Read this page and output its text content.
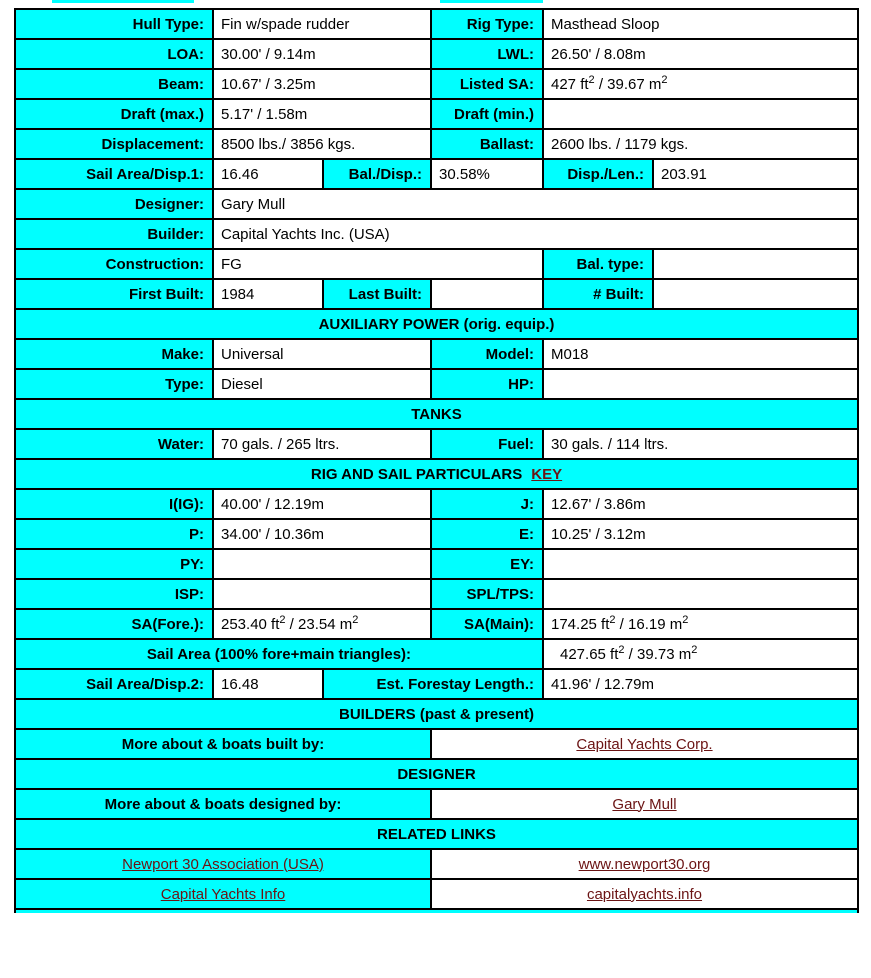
Hull Type:	Fin w/spade rudder		Rig Type:	Masthead Sloop	
LOA:	30.00' / 9.14m		LWL:	26.50' / 8.08m	
Beam:	10.67' / 3.25m		Listed SA:	427 $ft^2 / 39.67$ $m^2$
Draft (max.)	5.17' / 1.58m		Draft (min.)		
Displacement:	8500 lbs./ 3856 kgs.		Ballast:	2600 lbs. / 1179 kgs.	
Sail Area/Disp.1:	16.46	Bal./Disp.:	30.58%	Disp./Len.:	203.91
Designer:	Gary Mull				
Builder:	Capital Yachts Inc. (USA)				
Construction:	FG			Bal. type:	
First Built:	1984	Last Built:		# Built:	
AUXILIARY POWER (orig. equip.)					
Make:	Universal		Model:	M018	
Type:	Diesel		HP:		
TANKS					
Water:	70 gals. / 265 ltrs.		Fuel:	30 gals. / 114 ltrs.	
RIG AND SAIL PARTICULARS KEY					
I(IG):	40.00' / 12.19m		J:	12.67' / 3.86m	
P:	34.00' / 10.36m		E:	10.25' / 3.12m	
PY:			EY:		
ISP:			SPL/TPS:		
SA(Fore.):	253.40 $ft^2 / 23.54$ $m^2$		SA(Main):	174.25 $ft^2 / 16.19$ $m^2$
Sail Area (100% fore+main triangles):				427.65 $ft^2 / 39.73$ $m^2$
Sail Area/Disp.2:	16.48	Est. Forestay Length.:		41.96' / 12.79m	
BUILDERS (past & present)					
More about & boats built by:			Capital Yachts Corp.		
DESIGNER					
More about & boats designed by:			Gary Mull		
RELATED LINKS					
Newport 30 Association (USA)			www.newport30.org		
Capital Yachts Info			capitalyachts.info		
